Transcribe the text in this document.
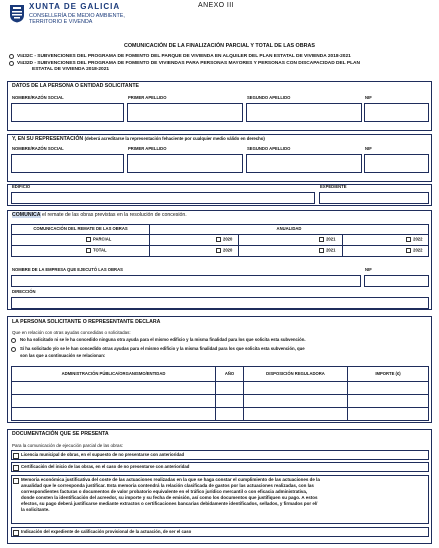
XUNTA DE GALICIA
CONSELLERÍA DE MEDIO AMBIENTE,
TERRITORIO E VIVENDA
ANEXO III
COMUNICACIÓN DE LA FINALIZACIÓN PARCIAL Y TOTAL DE LAS OBRAS
VI432C - SUBVENCIONES DEL PROGRAMA DE FOMENTO DEL PARQUE DE VIVIENDA EN ALQUILER DEL PLAN ESTATAL DE VIVIENDA 2018-2021
VI432D - SUBVENCIONES DEL PROGRAMA DE FOMENTO DE VIVIENDAS PARA PERSONAS MAYORES Y PERSONAS CON DISCAPACIDAD DEL PLAN
ESTATAL DE VIVIENDA 2018-2021
DATOS DE LA PERSONA O ENTIDAD SOLICITANTE
NOMBRE/RAZÓN SOCIAL	PRIMER APELLIDO	SEGUNDO APELLIDO	NIF
Y, EN SU REPRESENTACIÓN (deberá acreditarse la representación fehaciente por cualquier medio válido en derecho)
NOMBRE/RAZÓN SOCIAL	PRIMER APELLIDO	SEGUNDO APELLIDO	NIF
EDIFICIO	EXPEDIENTE
COMUNICA el remate de las obras previstas en la resolución de concesión.
COMUNICACIÓN DEL REMATE DE LAS OBRAS	ANUALIDAD		
PARCIAL	2020	2021	2022
TOTAL	2020	2021	2022
NOMBRE DE LA EMPRESA QUE EJECUTÓ LAS OBRAS	NIF
DIRECCIÓN
LA PERSONA SOLICITANTE O REPRESENTANTE DECLARA
Que en relación con otras ayudas concedidas o solicitadas:
No ha solicitado ni se le ha concedido ninguna otra ayuda para el mismo edificio y la misma finalidad para los que solicita esta subvención.
Sí ha solicitado y/o se le han concedido otras ayudas para el mismo edificio y la misma finalidad para los que solicita esta subvención, que
son las que a continuación se relacionan:
ADMINISTRACIÓN PÚBLICA/ORGANISMO/ENTIDAD	AÑO	DISPOSICIÓN REGULADORA	IMPORTE (€)

DOCUMENTACIÓN QUE SE PRESENTA
Para la comunicación de ejecución parcial de las obras:
Licencia municipal de obras, en el supuesto de no presentarse con anterioridad
Certificación del inicio de las obras, en el caso de no presentarse con anterioridad
Memoria económica justificativa del coste de las actuaciones realizadas en la que se haga constar el cumplimiento de las actuaciones de la
anualidad que le corresponda justificar. Esta memoria contendrá la relación clasificada de gastos por las actuaciones realizadas, con las
correspondientes facturas o documentos de valor probatorio equivalente en el tráfico jurídico mercantil o con eficacia administrativa,
donde consten la identificación del acreedor, su importe y su fecha de emisión, así como los documentos que justifiquen su pago. A estos
efectos, su pago deberá justificarse mediante extractos o certificaciones bancarias debidamente identificados, sellados, y firmados por el/
la solicitante.
Indicación del expediente de calificación provisional de la actuación, de ser el caso
